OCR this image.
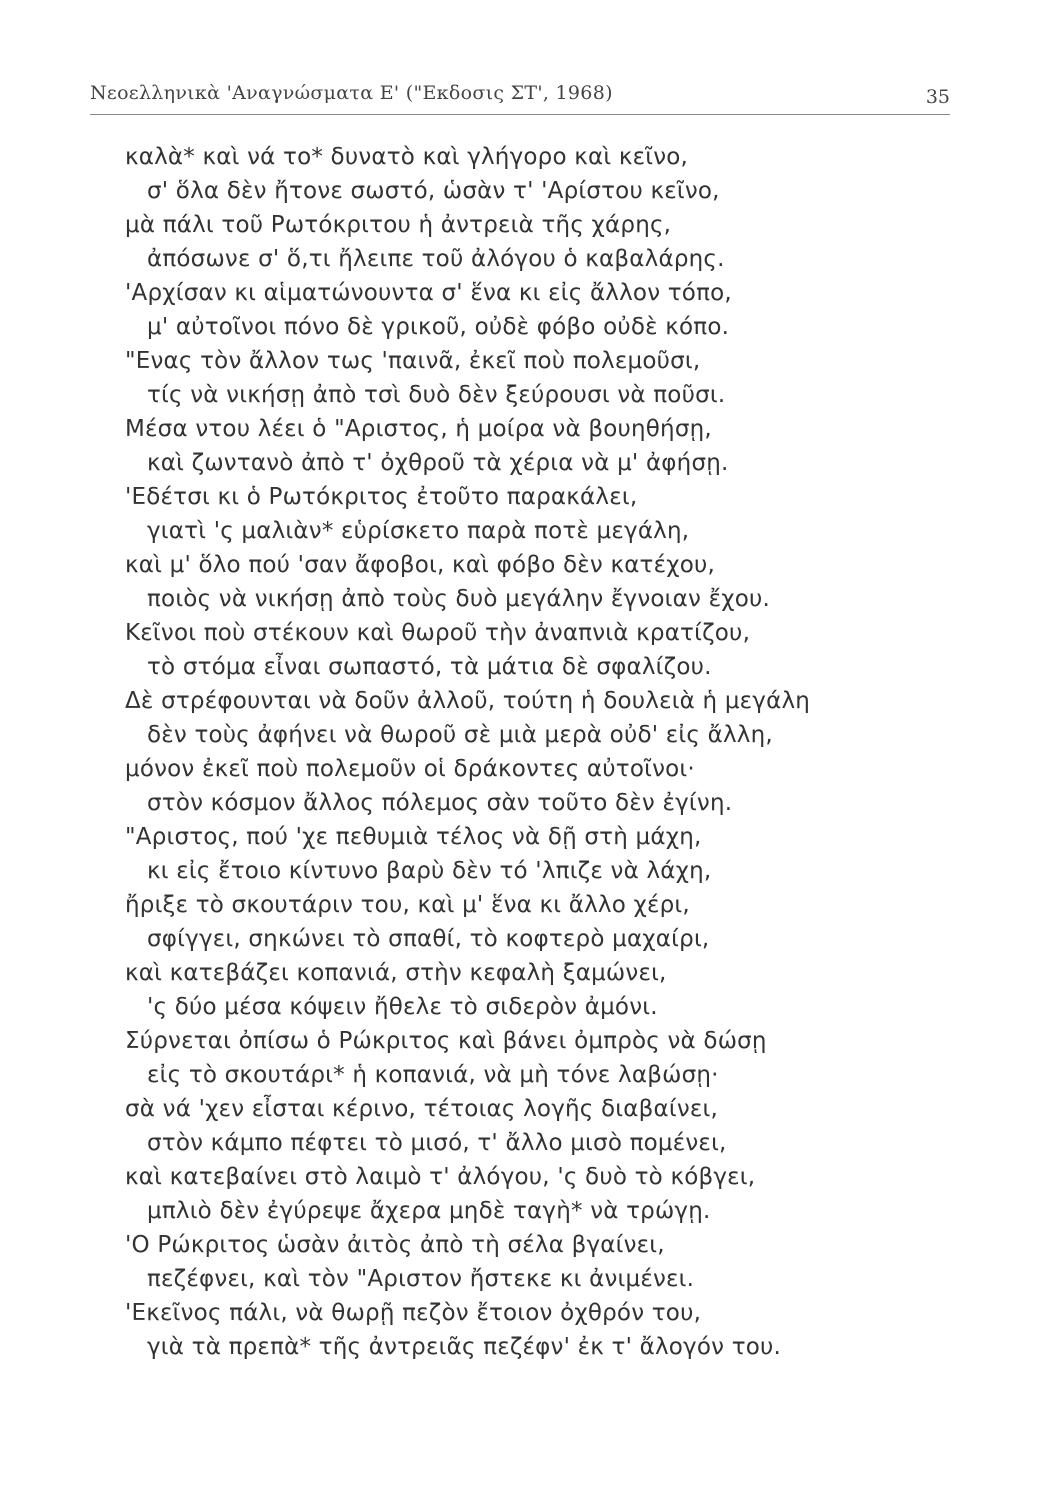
Νεοελληνικὰ 'Αναγνώσματα Ε' ("Εκδοσις ΣΤ', 1968)	35
καλὰ* καὶ νά το* δυνατὸ καὶ γλήγορο καὶ κεῖνο,
σ' ὅλα δὲν ἤτονε σωστό, ὡσὰν τ' 'Αρίστου κεῖνο,
μὰ πάλι τοῦ Ρωτόκριτου ἡ ἀντρειὰ τῆς χάρης,
ἀπόσωνε σ' ὅ,τι ἤλειπε τοῦ ἀλόγου ὁ καβαλάρης.
'Αρχίσαν κι αἱματώνουντα σ' ἕνα κι εἰς ἄλλον τόπο,
μ' αὐτοῖνοι πόνο δὲ γρικοῦ, οὐδὲ φόβο οὐδὲ κόπο.
"Ενας τὸν ἄλλον τως 'παινᾶ, ἐκεῖ ποὺ πολεμοῦσι,
τίς νὰ νικήσῃ ἀπὸ τσὶ δυὸ δὲν ξεύρουσι νὰ ποῦσι.
Μέσα ντου λέει ὁ "Αριστος, ἡ μοίρα νὰ βουηθήσῃ,
καὶ ζωντανὸ ἀπὸ τ' ὀχθροῦ τὰ χέρια νὰ μ' ἀφήσῃ.
'Εδέτσι κι ὁ Ρωτόκριτος ἐτοῦτο παρακάλει,
γιατὶ 'ς μαλιὰν* εὑρίσκετο παρὰ ποτὲ μεγάλη,
καὶ μ' ὅλο πού 'σαν ἄφοβοι, καὶ φόβο δὲν κατέχου,
ποιὸς νὰ νικήσῃ ἀπὸ τοὺς δυὸ μεγάλην ἔγνοιαν ἔχου.
Κεῖνοι ποὺ στέκουν καὶ θωροῦ τὴν ἀναπνιὰ κρατίζου,
τὸ στόμα εἶναι σωπαστό, τὰ μάτια δὲ σφαλίζου.
Δὲ στρέφουνται νὰ δοῦν ἀλλοῦ, τούτη ἡ δουλειὰ ἡ μεγάλη
δὲν τοὺς ἀφήνει νὰ θωροῦ σὲ μιὰ μερὰ οὐδ' εἰς ἄλλη,
μόνον ἐκεῖ ποὺ πολεμοῦν οἱ δράκοντες αὐτοῖνοι·
στὸν κόσμον ἄλλος πόλεμος σὰν τοῦτο δὲν ἐγίνη.
"Αριστος, πού 'χε πεθυμιὰ τέλος νὰ δῇ στὴ μάχη,
κι εἰς ἔτοιο κίντυνο βαρὺ δὲν τό 'λπιζε νὰ λάχη,
ἤριξε τὸ σκουτάριν του, καὶ μ' ἕνα κι ἄλλο χέρι,
σφίγγει, σηκώνει τὸ σπαθί, τὸ κοφτερὸ μαχαίρι,
καὶ κατεβάζει κοπανιά, στὴν κεφαλὴ ξαμώνει,
'ς δύο μέσα κόψειν ἤθελε τὸ σιδερὸν ἀμόνι.
Σύρνεται ὀπίσω ὁ Ρώκριτος καὶ βάνει ὀμπρὸς νὰ δώσῃ
εἰς τὸ σκουτάρι* ἡ κοπανιά, νὰ μὴ τόνε λαβώσῃ·
σὰ νά 'χεν εἶσται κέρινο, τέτοιας λογῆς διαβαίνει,
στὸν κάμπο πέφτει τὸ μισό, τ' ἄλλο μισὸ πομένει,
καὶ κατεβαίνει στὸ λαιμὸ τ' ἀλόγου, 'ς δυὸ τὸ κόβγει,
μπλιὸ δὲν ἐγύρεψε ἄχερα μηδὲ ταγὴ* νὰ τρώγῃ.
'Ο Ρώκριτος ὡσὰν ἀιτὸς ἀπὸ τὴ σέλα βγαίνει,
πεζέφνει, καὶ τὸν "Αριστον ἤστεκε κι ἀνιμένει.
'Εκεῖνος πάλι, νὰ θωρῇ πεζὸν ἔτοιον ὀχθρόν του,
γιὰ τὰ πρεπὰ* τῆς ἀντρειᾶς πεζέφν' ἐκ τ' ἄλογόν του.
